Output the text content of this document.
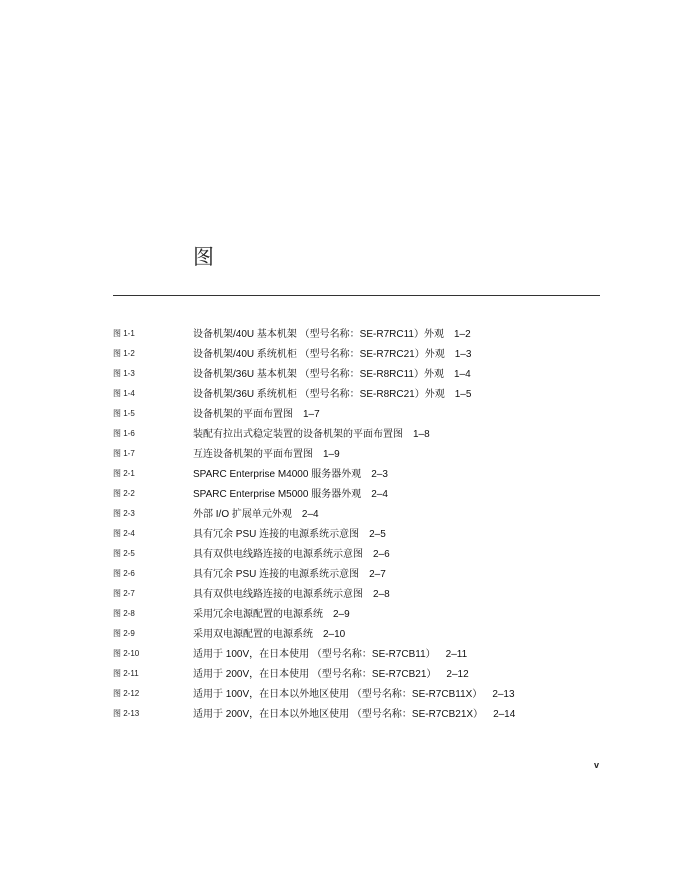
图
图 1-1	设备机架/40U 基本机架 （型号名称：SE-R7RC11）外观 1–2
图 1-2	设备机架/40U 系统机柜 （型号名称：SE-R7RC21）外观 1–3
图 1-3	设备机架/36U 基本机架 （型号名称：SE-R8RC11）外观 1–4
图 1-4	设备机架/36U 系统机柜 （型号名称：SE-R8RC21）外观 1–5
图 1-5	设备机架的平面布置图 1–7
图 1-6	装配有拉出式稳定装置的设备机架的平面布置图 1–8
图 1-7	互连设备机架的平面布置图 1–9
图 2-1	SPARC Enterprise M4000 服务器外观 2–3
图 2-2	SPARC Enterprise M5000 服务器外观 2–4
图 2-3	外部 I/O 扩展单元外观 2–4
图 2-4	具有冗余 PSU 连接的电源系统示意图 2–5
图 2-5	具有双供电线路连接的电源系统示意图 2–6
图 2-6	具有冗余 PSU 连接的电源系统示意图 2–7
图 2-7	具有双供电线路连接的电源系统示意图 2–8
图 2-8	采用冗余电源配置的电源系统 2–9
图 2-9	采用双电源配置的电源系统 2–10
图 2-10	适用于 100V，在日本使用 （型号名称：SE-R7CB11） 2–11
图 2-11	适用于 200V，在日本使用 （型号名称：SE-R7CB21） 2–12
图 2-12	适用于 100V，在日本以外地区使用 （型号名称：SE-R7CB11X） 2–13
图 2-13	适用于 200V，在日本以外地区使用 （型号名称：SE-R7CB21X） 2–14
v
